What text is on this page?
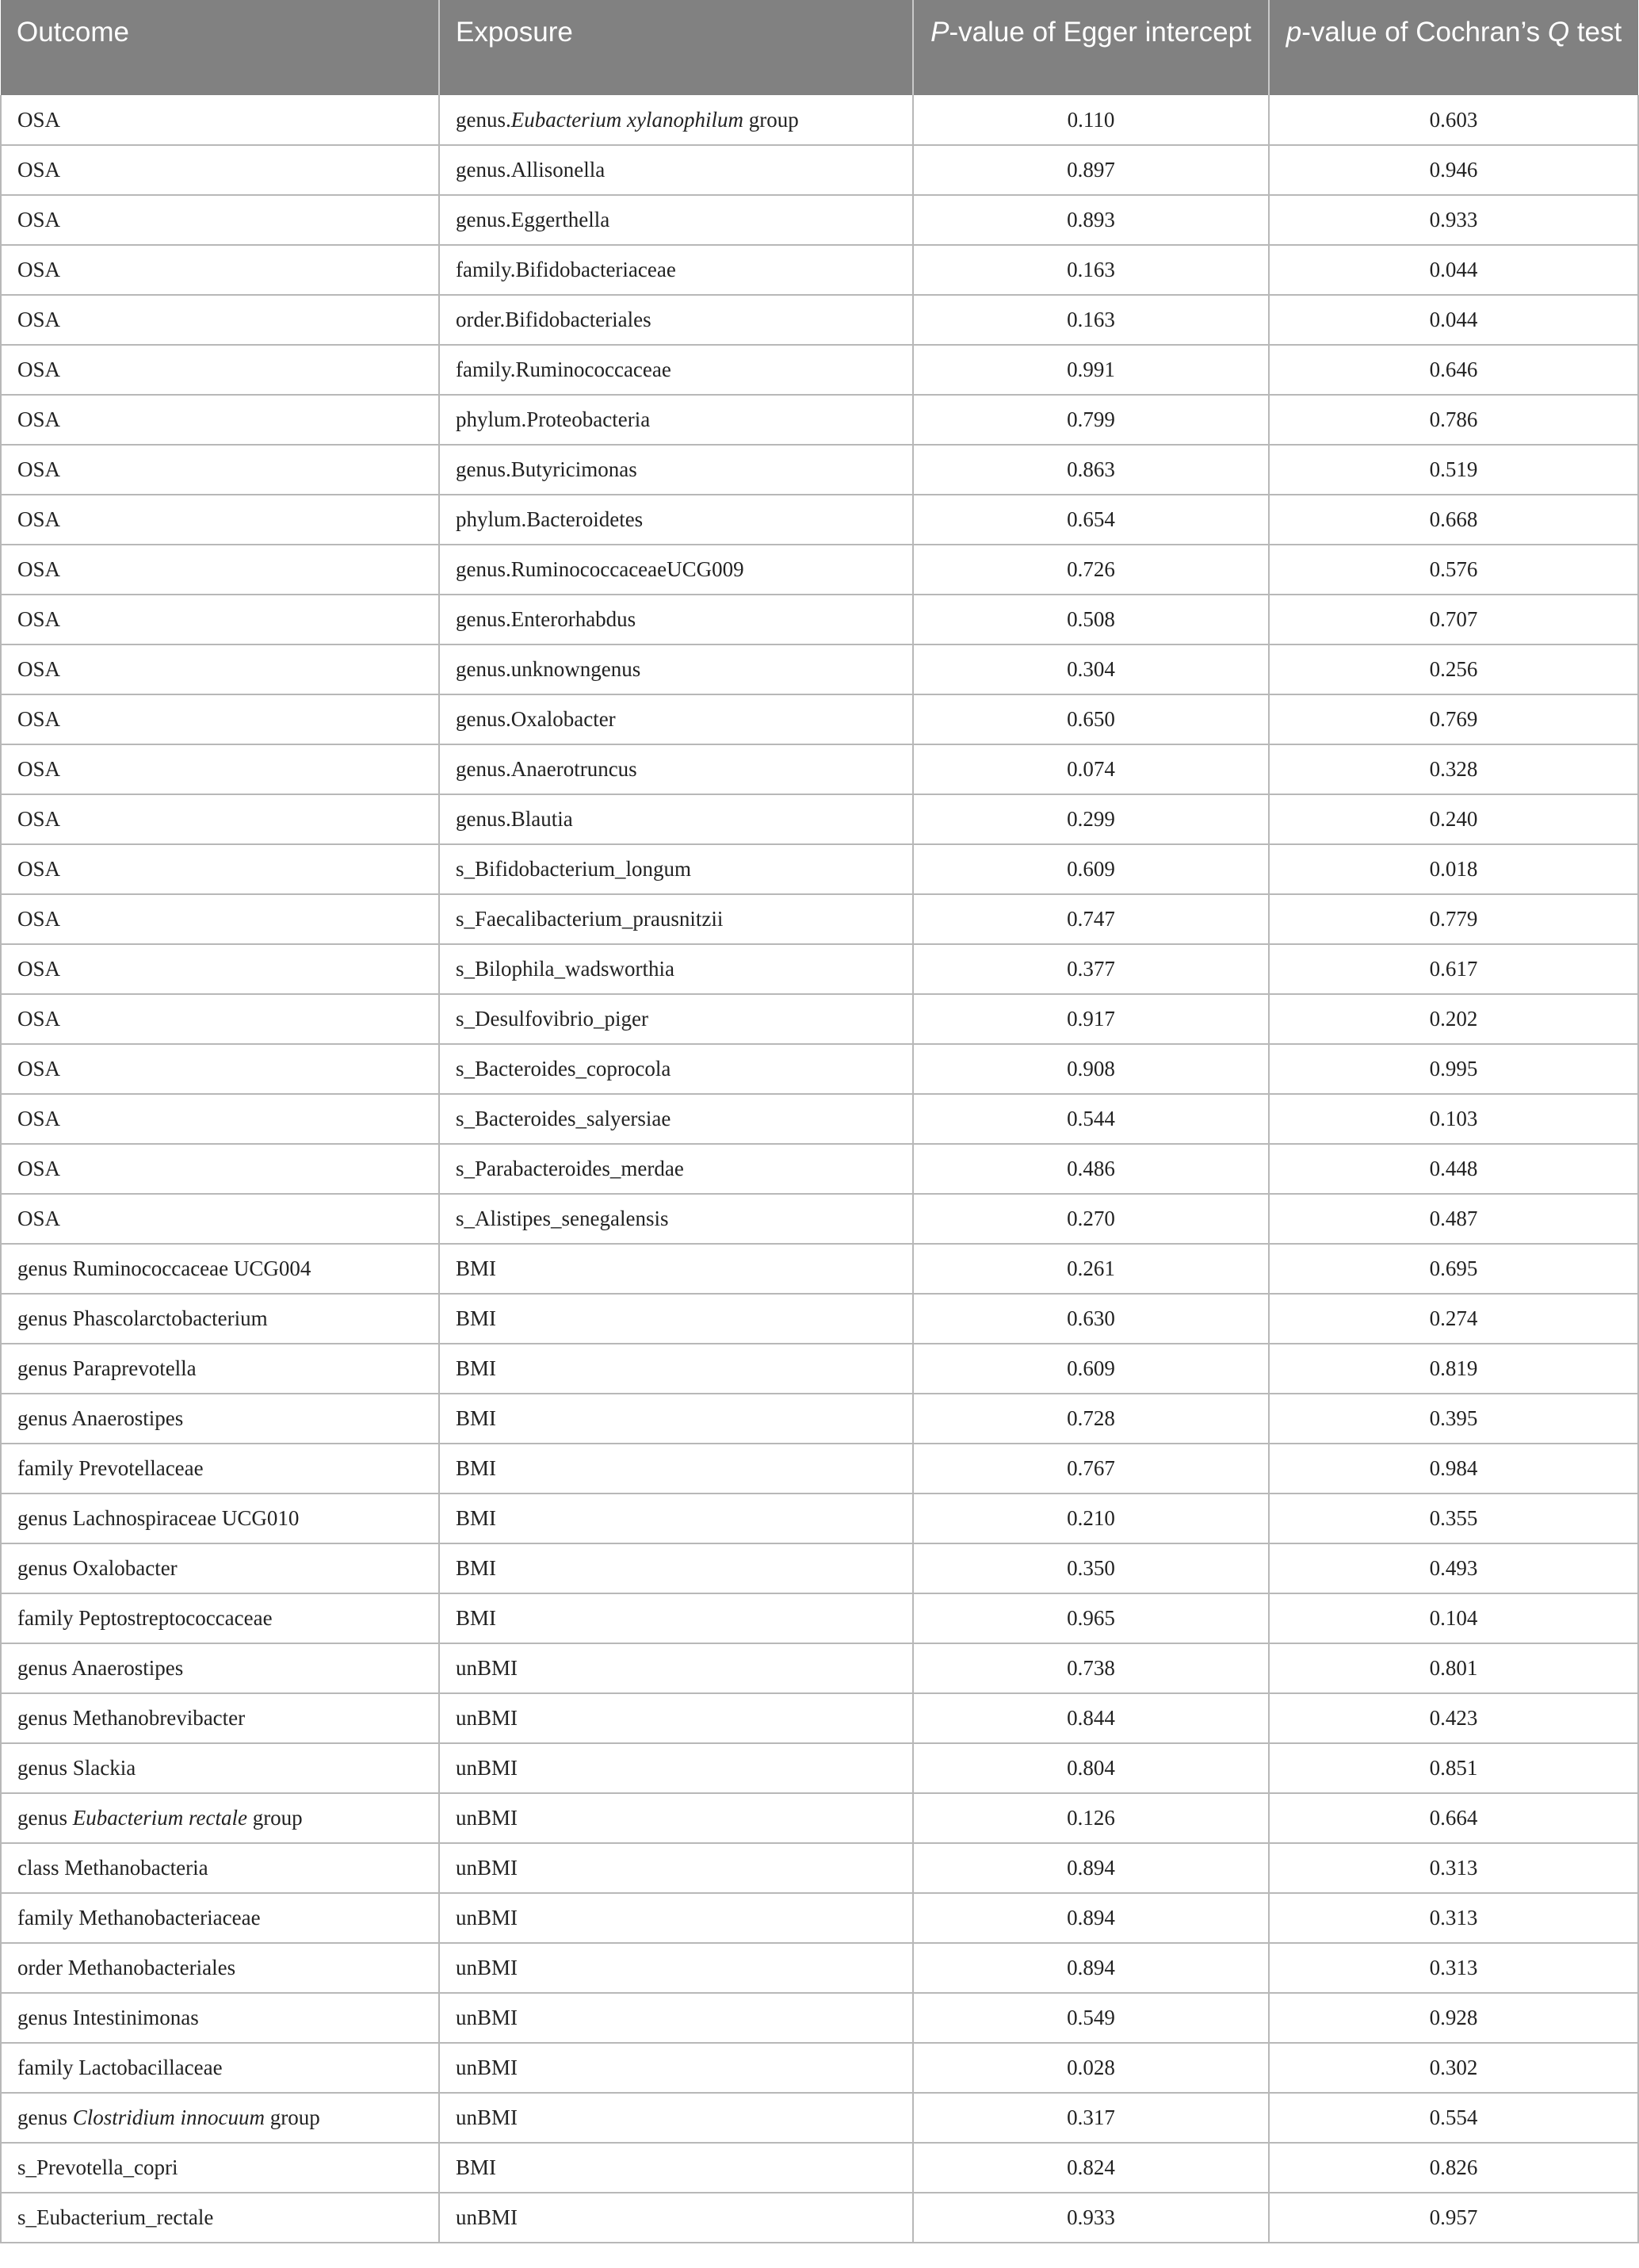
Outcome	Exposure	P-value of Egger intercept	p-value of Cochran’s Q test
OSA	genus.Eubacterium xylanophilum group	0.110	0.603
OSA	genus.Allisonella	0.897	0.946
OSA	genus.Eggerthella	0.893	0.933
OSA	family.Bifidobacteriaceae	0.163	0.044
OSA	order.Bifidobacteriales	0.163	0.044
OSA	family.Ruminococcaceae	0.991	0.646
OSA	phylum.Proteobacteria	0.799	0.786
OSA	genus.Butyricimonas	0.863	0.519
OSA	phylum.Bacteroidetes	0.654	0.668
OSA	genus.RuminococcaceaeUCG009	0.726	0.576
OSA	genus.Enterorhabdus	0.508	0.707
OSA	genus.unknowngenus	0.304	0.256
OSA	genus.Oxalobacter	0.650	0.769
OSA	genus.Anaerotruncus	0.074	0.328
OSA	genus.Blautia	0.299	0.240
OSA	s_Bifidobacterium_longum	0.609	0.018
OSA	s_Faecalibacterium_prausnitzii	0.747	0.779
OSA	s_Bilophila_wadsworthia	0.377	0.617
OSA	s_Desulfovibrio_piger	0.917	0.202
OSA	s_Bacteroides_coprocola	0.908	0.995
OSA	s_Bacteroides_salyersiae	0.544	0.103
OSA	s_Parabacteroides_merdae	0.486	0.448
OSA	s_Alistipes_senegalensis	0.270	0.487
genus Ruminococcaceae UCG004	BMI	0.261	0.695
genus Phascolarctobacterium	BMI	0.630	0.274
genus Paraprevotella	BMI	0.609	0.819
genus Anaerostipes	BMI	0.728	0.395
family Prevotellaceae	BMI	0.767	0.984
genus Lachnospiraceae UCG010	BMI	0.210	0.355
genus Oxalobacter	BMI	0.350	0.493
family Peptostreptococcaceae	BMI	0.965	0.104
genus Anaerostipes	unBMI	0.738	0.801
genus Methanobrevibacter	unBMI	0.844	0.423
genus Slackia	unBMI	0.804	0.851
genus Eubacterium rectale group	unBMI	0.126	0.664
class Methanobacteria	unBMI	0.894	0.313
family Methanobacteriaceae	unBMI	0.894	0.313
order Methanobacteriales	unBMI	0.894	0.313
genus Intestinimonas	unBMI	0.549	0.928
family Lactobacillaceae	unBMI	0.028	0.302
genus Clostridium innocuum group	unBMI	0.317	0.554
s_Prevotella_copri	BMI	0.824	0.826
s_Eubacterium_rectale	unBMI	0.933	0.957
